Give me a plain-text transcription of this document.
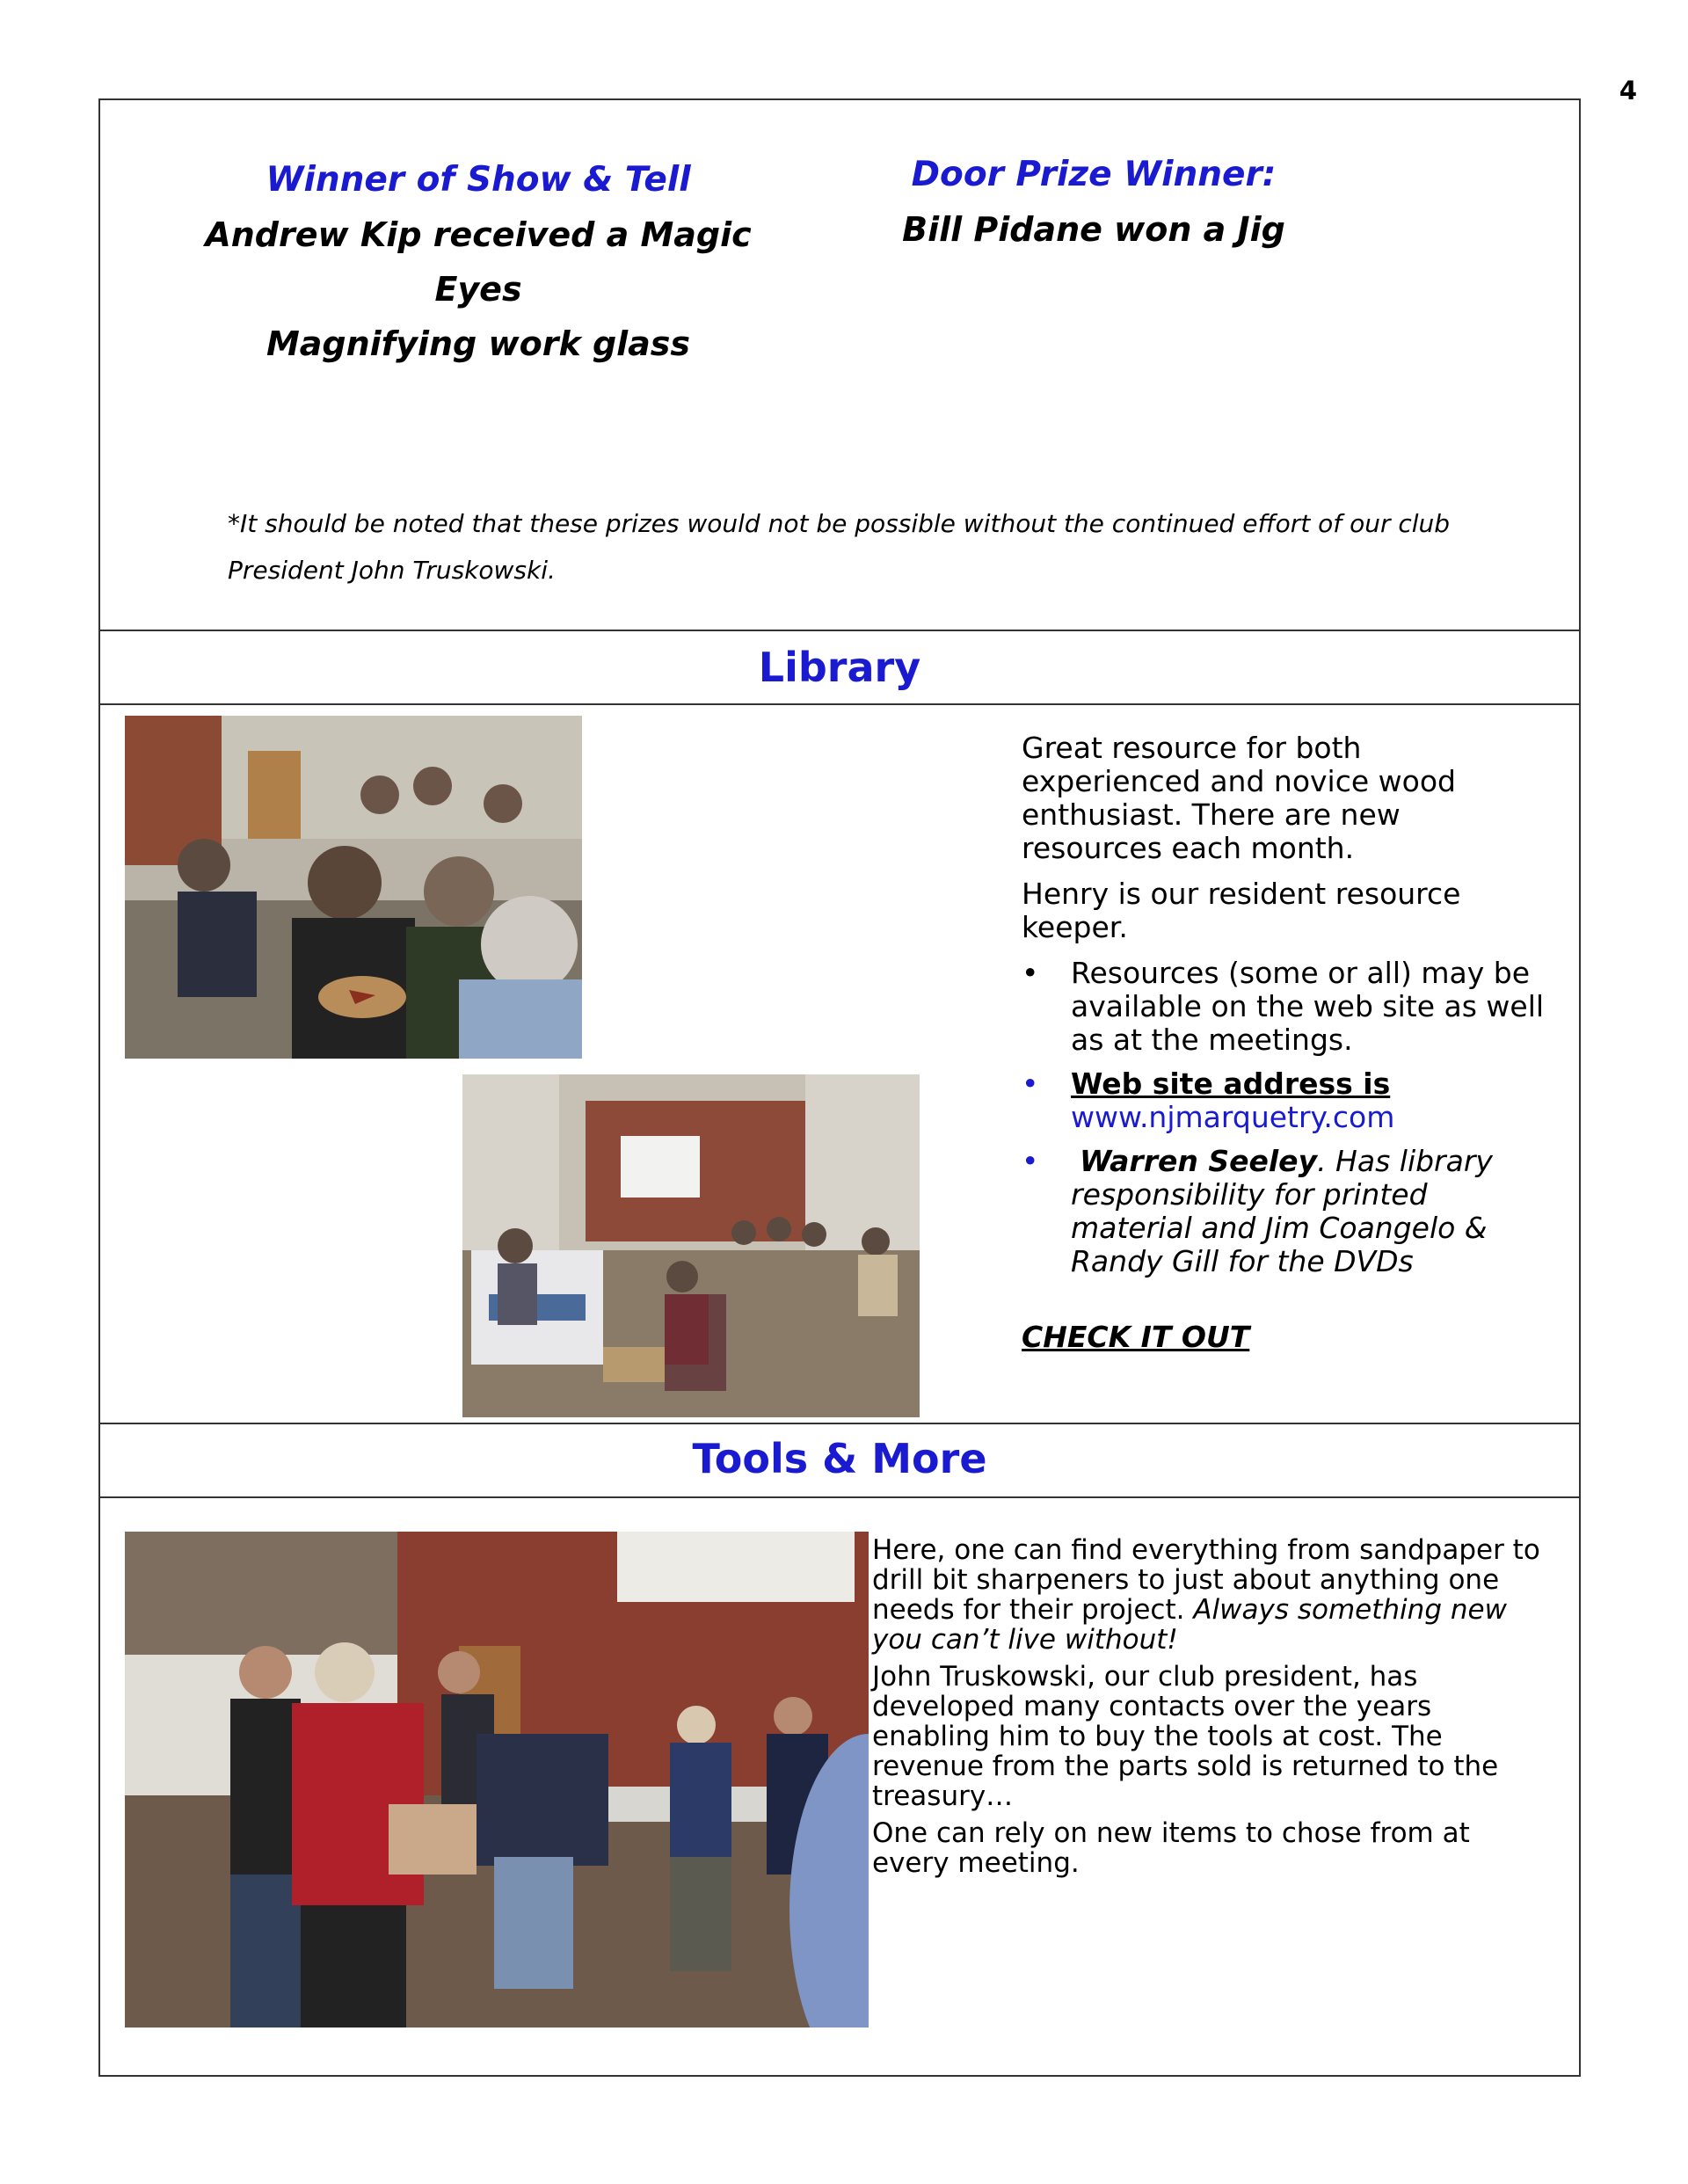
4
Winner of Show & Tell
Andrew Kip received a Magic Eyes
Magnifying work glass
Door Prize Winner:
Bill Pidane won a Jig
*It should be noted that these prizes would not be possible without the continued effort of our club President John Truskowski.
Library

Great resource for both experienced and novice wood enthusiast. There are new resources each month.

Henry is our resident resource keeper.

• Resources (some or all) may be available on the web site as well as at the meetings.
• Web site address is
www.njmarquetry.com
• Warren Seeley. Has library responsibility for printed material and Jim Coangelo & Randy Gill for the DVDs

CHECK IT OUT

Tools & More

Here, one can find everything from sandpaper to drill bit sharpeners to just about anything one needs for their project. Always something new you can’t live without!

John Truskowski, our club president, has developed many contacts over the years enabling him to buy the tools at cost. The revenue from the parts sold is returned to the treasury…

One can rely on new items to chose from at every meeting.
